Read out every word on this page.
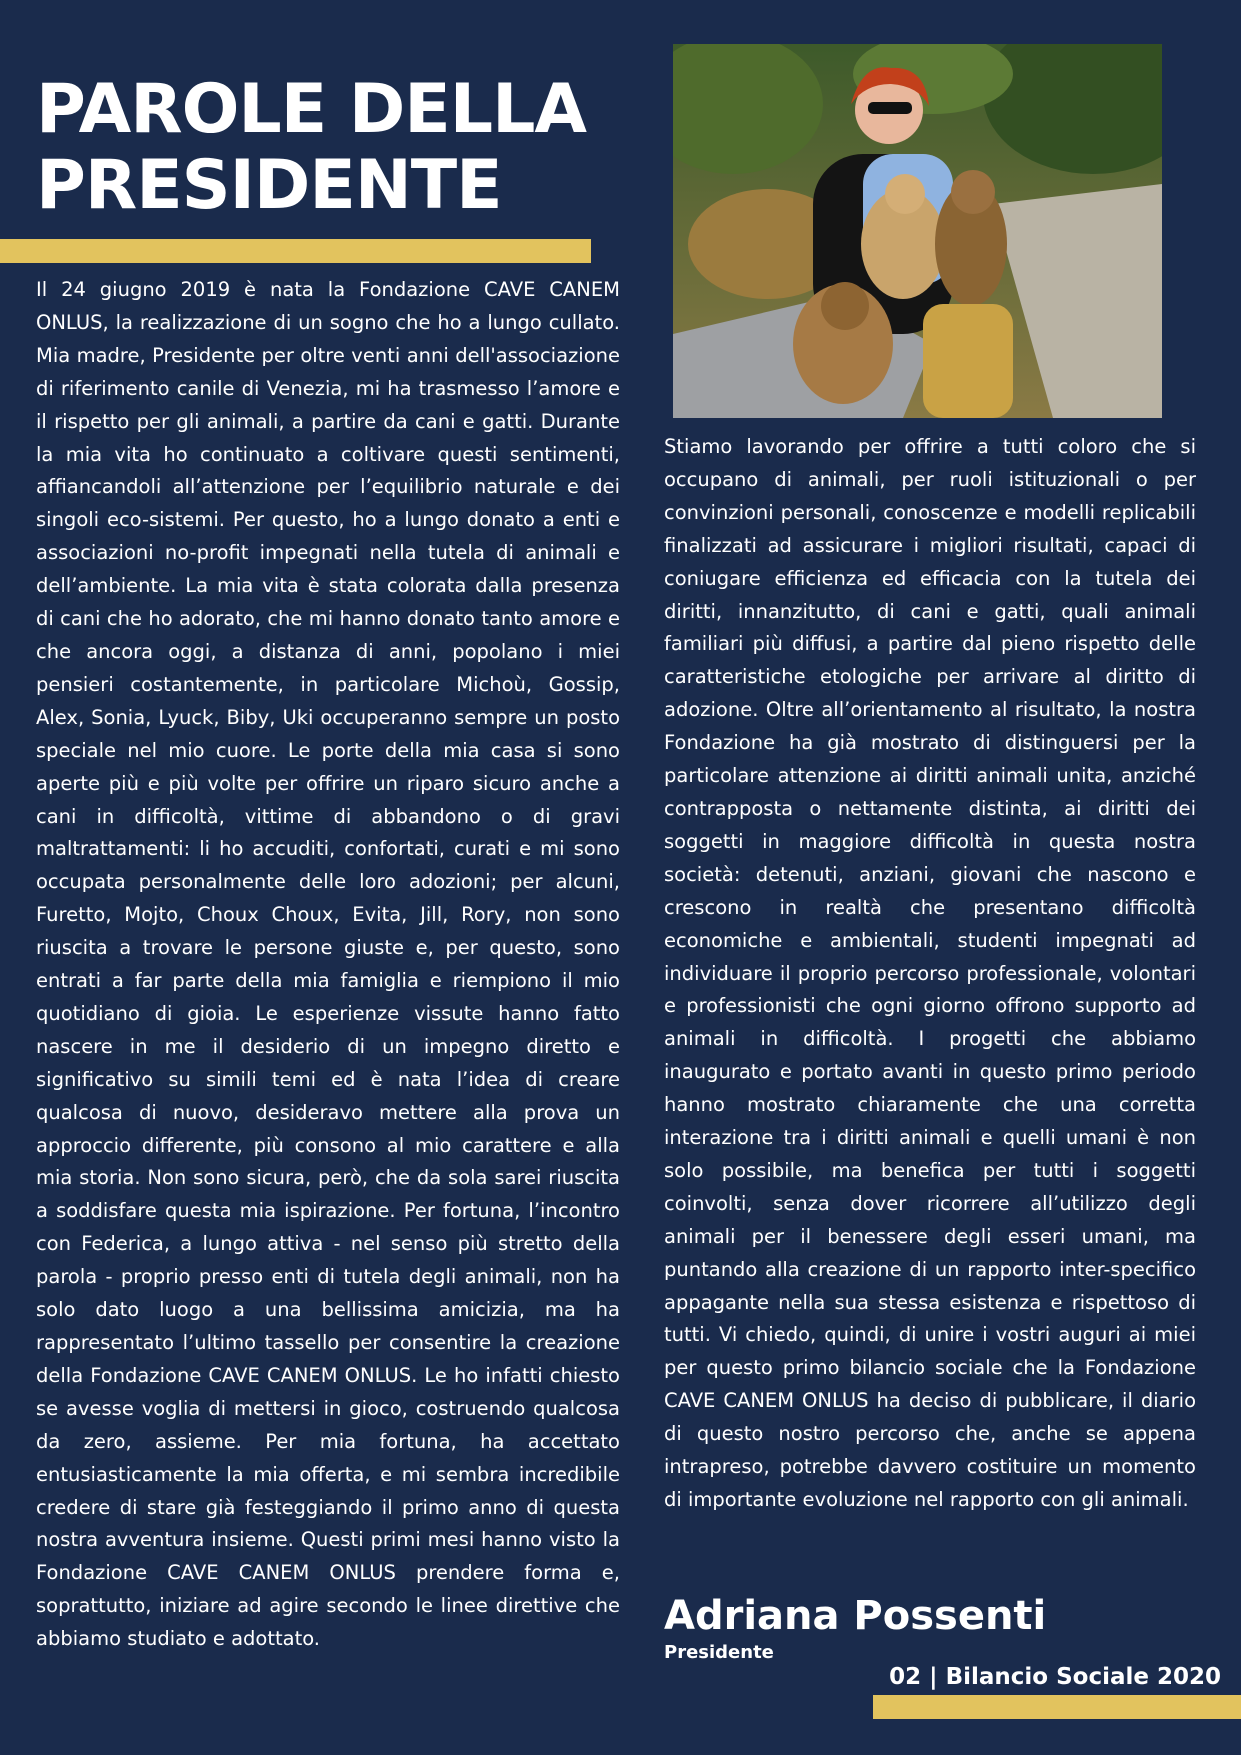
PAROLE DELLA
PRESIDENTE

Il 24 giugno 2019 è nata la Fondazione CAVE CANEM ONLUS, la realizzazione di un sogno che ho a lungo cullato. Mia madre, Presidente per oltre venti anni dell'associazione di riferimento canile di Venezia, mi ha trasmesso l’amore e il rispetto per gli animali, a partire da cani e gatti. Durante la mia vita ho continuato a coltivare questi sentimenti, affiancandoli all’attenzione per l’equilibrio naturale e dei singoli eco-sistemi. Per questo, ho a lungo donato a enti e associazioni no-profit impegnati nella tutela di animali e dell’ambiente. La mia vita è stata colorata dalla presenza di cani che ho adorato, che mi hanno donato tanto amore e che ancora oggi, a distanza di anni, popolano i miei pensieri costantemente, in particolare Michoù, Gossip, Alex, Sonia, Lyuck, Biby, Uki occuperanno sempre un posto speciale nel mio cuore. Le porte della mia casa si sono aperte più e più volte per offrire un riparo sicuro anche a cani in difficoltà, vittime di abbandono o di gravi maltrattamenti: li ho accuditi, confortati, curati e mi sono occupata personalmente delle loro adozioni; per alcuni, Furetto, Mojto, Choux Choux, Evita, Jill, Rory, non sono riuscita a trovare le persone giuste e, per questo, sono entrati a far parte della mia famiglia e riempiono il mio quotidiano di gioia. Le esperienze vissute hanno fatto nascere in me il desiderio di un impegno diretto e significativo su simili temi ed è nata l’idea di creare qualcosa di nuovo, desideravo mettere alla prova un approccio differente, più consono al mio carattere e alla mia storia. Non sono sicura, però, che da sola sarei riuscita a soddisfare questa mia ispirazione. Per fortuna, l’incontro con Federica, a lungo attiva - nel senso più stretto della parola - proprio presso enti di tutela degli animali, non ha solo dato luogo a una bellissima amicizia, ma ha rappresentato l’ultimo tassello per consentire la creazione della Fondazione CAVE CANEM ONLUS. Le ho infatti chiesto se avesse voglia di mettersi in gioco, costruendo qualcosa da zero, assieme. Per mia fortuna, ha accettato entusiasticamente la mia offerta, e mi sembra incredibile credere di stare già festeggiando il primo anno di questa nostra avventura insieme. Questi primi mesi hanno visto la Fondazione CAVE CANEM ONLUS prendere forma e, soprattutto, iniziare ad agire secondo le linee direttive che abbiamo studiato e adottato.

Stiamo lavorando per offrire a tutti coloro che si occupano di animali, per ruoli istituzionali o per convinzioni personali, conoscenze e modelli replicabili finalizzati ad assicurare i migliori risultati, capaci di coniugare efficienza ed efficacia con la tutela dei diritti, innanzitutto, di cani e gatti, quali animali familiari più diffusi, a partire dal pieno rispetto delle caratteristiche etologiche per arrivare al diritto di adozione. Oltre all’orientamento al risultato, la nostra Fondazione ha già mostrato di distinguersi per la particolare attenzione ai diritti animali unita, anziché contrapposta o nettamente distinta, ai diritti dei soggetti in maggiore difficoltà in questa nostra società: detenuti, anziani, giovani che nascono e crescono in realtà che presentano difficoltà economiche e ambientali, studenti impegnati ad individuare il proprio percorso professionale, volontari e professionisti che ogni giorno offrono supporto ad animali in difficoltà. I progetti che abbiamo inaugurato e portato avanti in questo primo periodo hanno mostrato chiaramente che una corretta interazione tra i diritti animali e quelli umani è non solo possibile, ma benefica per tutti i soggetti coinvolti, senza dover ricorrere all’utilizzo degli animali per il benessere degli esseri umani, ma puntando alla creazione di un rapporto inter-specifico appagante nella sua stessa esistenza e rispettoso di tutti. Vi chiedo, quindi, di unire i vostri auguri ai miei per questo primo bilancio sociale che la Fondazione CAVE CANEM ONLUS ha deciso di pubblicare, il diario di questo nostro percorso che, anche se appena intrapreso, potrebbe davvero costituire un momento di importante evoluzione nel rapporto con gli animali.

Adriana Possenti

Presidente

02 | Bilancio Sociale 2020
